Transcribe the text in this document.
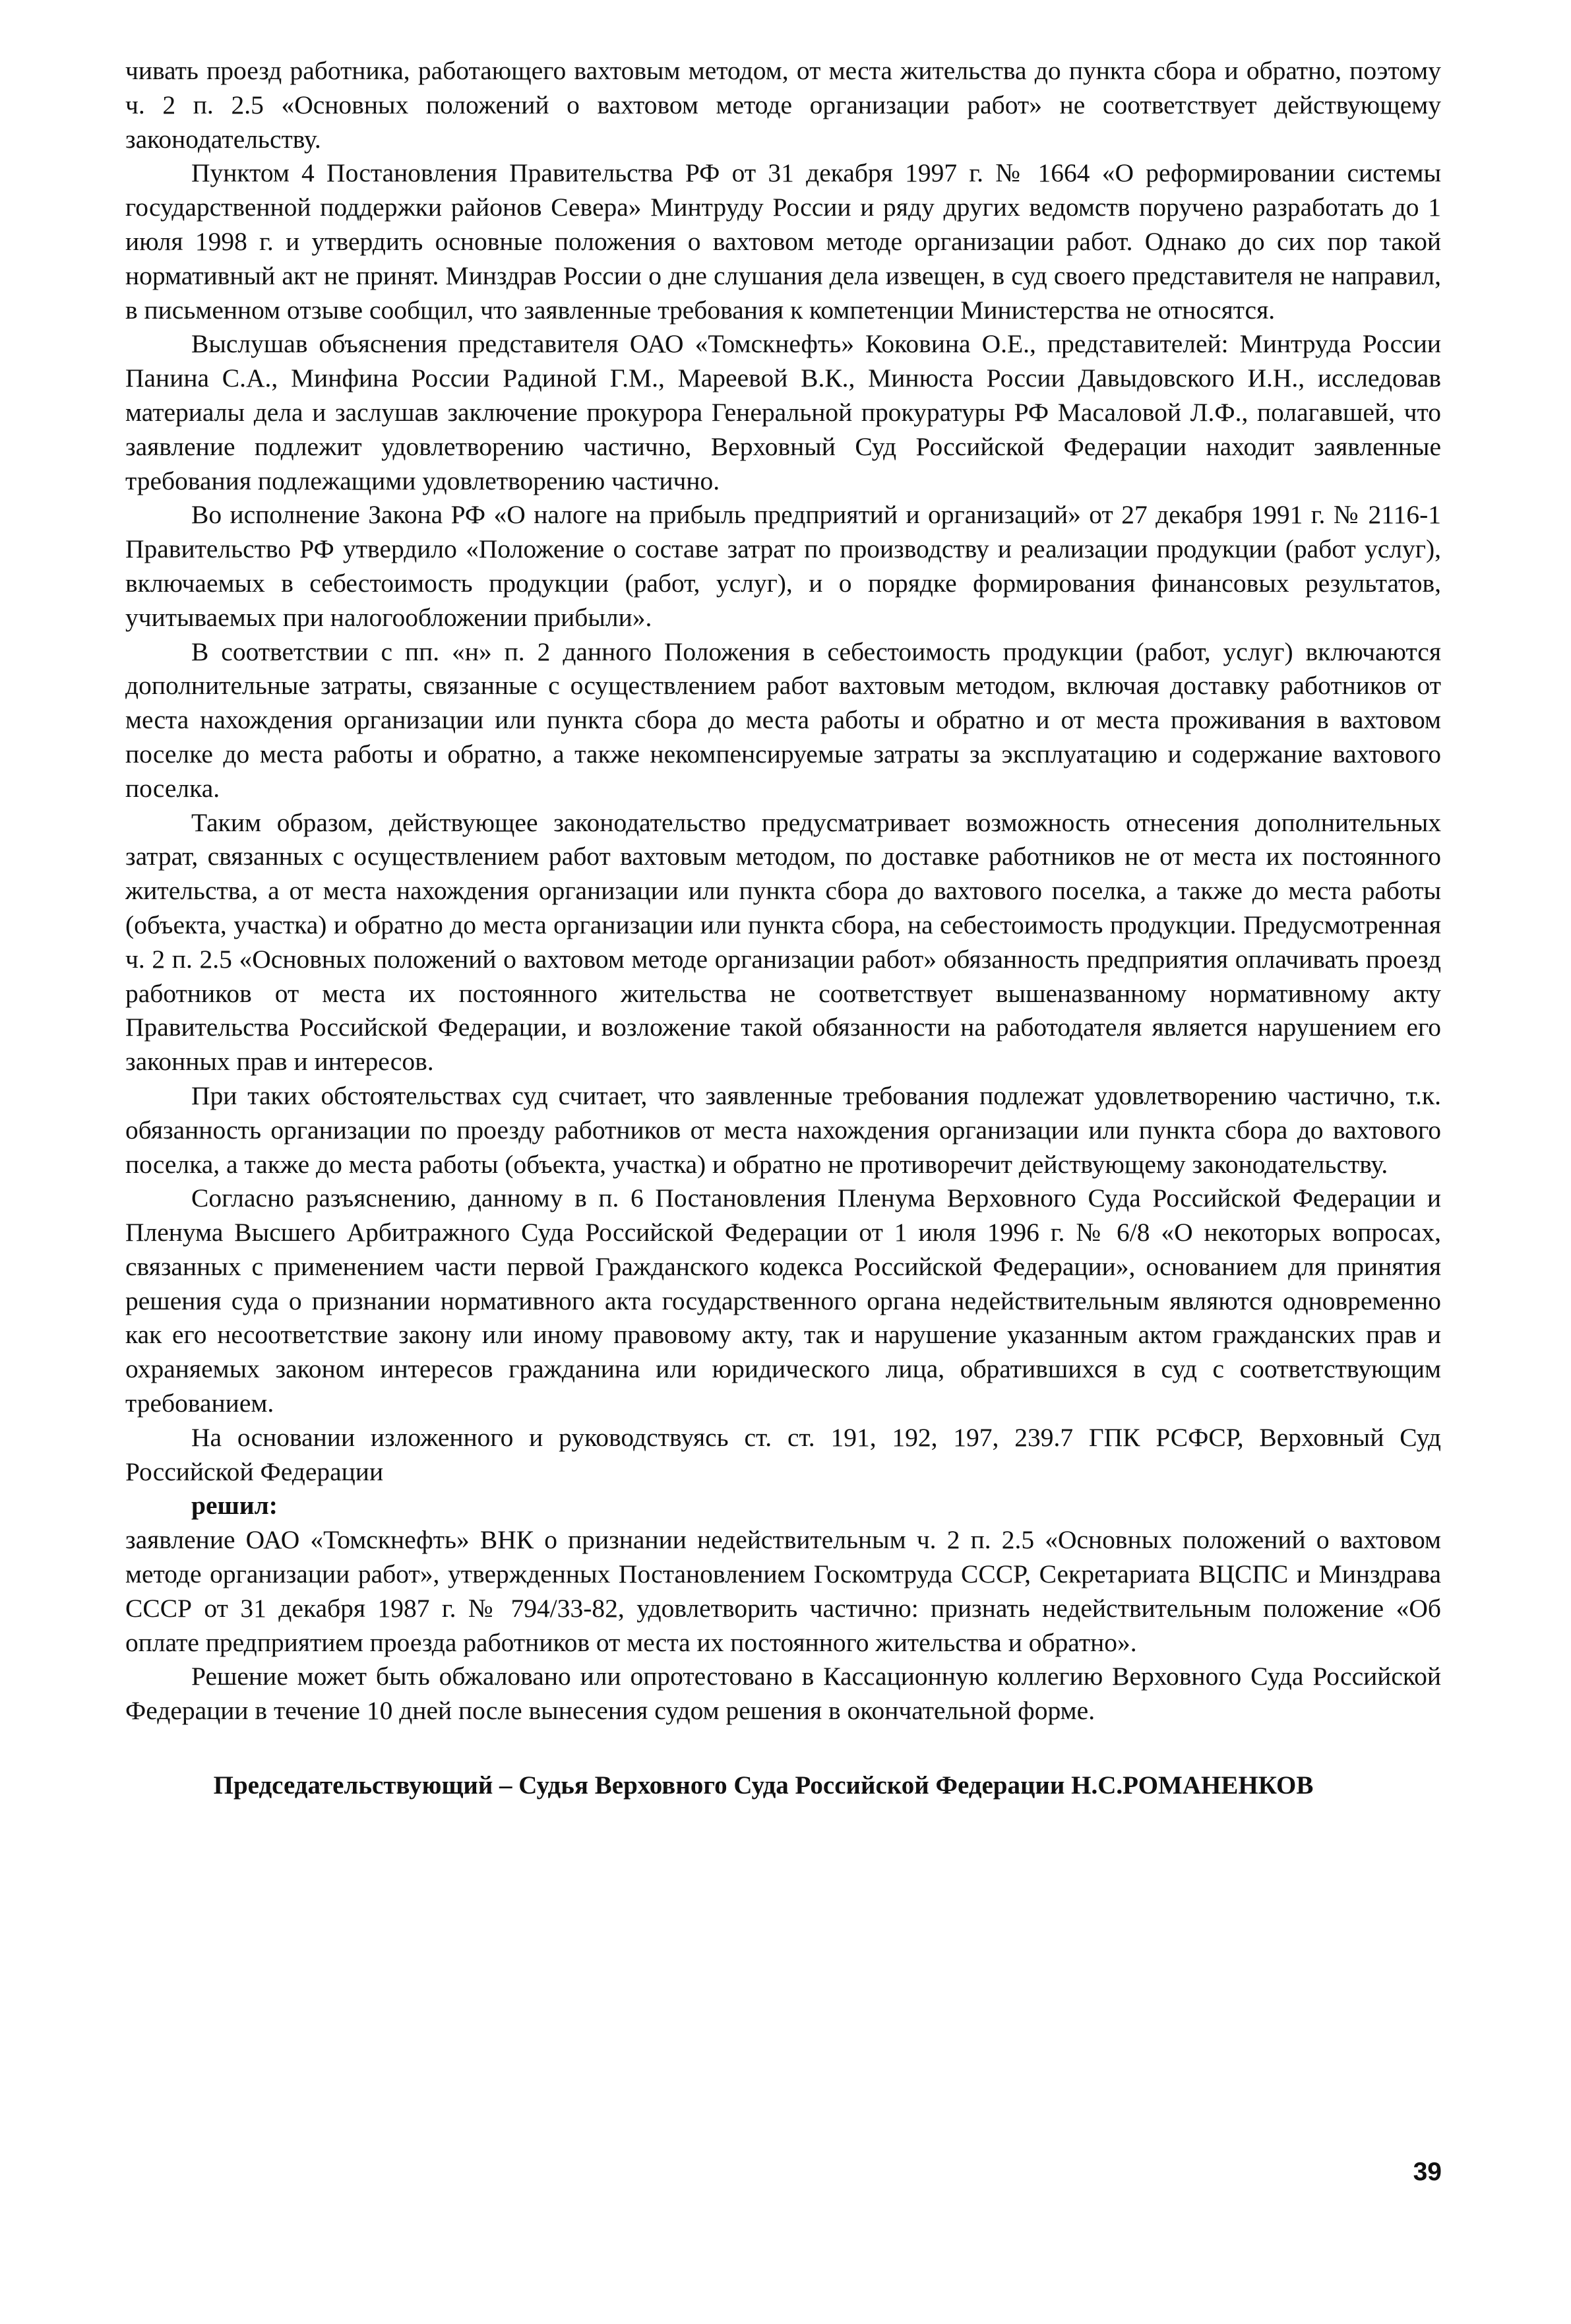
чивать проезд работника, работающего вахтовым методом, от места жительства до пункта сбора и обратно, поэтому ч. 2 п. 2.5 «Основных положений о вахтовом методе организации работ» не соответствует действующему законодательству.

Пунктом 4 Постановления Правительства РФ от 31 декабря 1997 г. № 1664 «О реформировании системы государственной поддержки районов Севера» Минтруду России и ряду других ведомств поручено разработать до 1 июля 1998 г. и утвердить основные положения о вахтовом методе организации работ. Однако до сих пор такой нормативный акт не принят. Минздрав России о дне слушания дела извещен, в суд своего представителя не направил, в письменном отзыве сообщил, что заявленные требования к компетенции Министерства не относятся.

Выслушав объяснения представителя ОАО «Томскнефть» Коковина О.Е., представителей: Минтруда России Панина С.А., Минфина России Радиной Г.М., Мареевой В.К., Минюста России Давыдовского И.Н., исследовав материалы дела и заслушав заключение прокурора Генеральной прокуратуры РФ Масаловой Л.Ф., полагавшей, что заявление подлежит удовлетворению частично, Верховный Суд Российской Федерации находит заявленные требования подлежащими удовлетворению частично.

Во исполнение Закона РФ «О налоге на прибыль предприятий и организаций» от 27 декабря 1991 г. № 2116-1 Правительство РФ утвердило «Положение о составе затрат по производству и реализации продукции (работ услуг), включаемых в себестоимость продукции (работ, услуг), и о порядке формирования финансовых результатов, учитываемых при налогообложении прибыли».

В соответствии с пп. «н» п. 2 данного Положения в себестоимость продукции (работ, услуг) включаются дополнительные затраты, связанные с осуществлением работ вахтовым методом, включая доставку работников от места нахождения организации или пункта сбора до места работы и обратно и от места проживания в вахтовом поселке до места работы и обратно, а также некомпенсируемые затраты за эксплуатацию и содержание вахтового поселка.

Таким образом, действующее законодательство предусматривает возможность отнесения дополнительных затрат, связанных с осуществлением работ вахтовым методом, по доставке работников не от места их постоянного жительства, а от места нахождения организации или пункта сбора до вахтового поселка, а также до места работы (объекта, участка) и обратно до места организации или пункта сбора, на себестоимость продукции. Предусмотренная ч. 2 п. 2.5 «Основных положений о вахтовом методе организации работ» обязанность предприятия оплачивать проезд работников от места их постоянного жительства не соответствует вышеназванному нормативному акту Правительства Российской Федерации, и возложение такой обязанности на работодателя является нарушением его законных прав и интересов.

При таких обстоятельствах суд считает, что заявленные требования подлежат удовлетворению частично, т.к. обязанность организации по проезду работников от места нахождения организации или пункта сбора до вахтового поселка, а также до места работы (объекта, участка) и обратно не противоречит действующему законодательству.

Согласно разъяснению, данному в п. 6 Постановления Пленума Верховного Суда Российской Федерации и Пленума Высшего Арбитражного Суда Российской Федерации от 1 июля 1996 г. № 6/8 «О некоторых вопросах, связанных с применением части первой Гражданского кодекса Российской Федерации», основанием для принятия решения суда о признании нормативного акта государственного органа недействительным являются одновременно как его несоответствие закону или иному правовому акту, так и нарушение указанным актом гражданских прав и охраняемых законом интересов гражданина или юридического лица, обратившихся в суд с соответствующим требованием.

На основании изложенного и руководствуясь ст. ст. 191, 192, 197, 239.7 ГПК РСФСР, Верховный Суд Российской Федерации

решил:

заявление ОАО «Томскнефть» ВНК о признании недействительным ч. 2 п. 2.5 «Основных положений о вахтовом методе организации работ», утвержденных Постановлением Госкомтруда СССР, Секретариата ВЦСПС и Минздрава СССР от 31 декабря 1987 г. № 794/33-82, удовлетворить частично: признать недействительным положение «Об оплате предприятием проезда работников от места их постоянного жительства и обратно».

Решение может быть обжаловано или опротестовано в Кассационную коллегию Верховного Суда Российской Федерации в течение 10 дней после вынесения судом решения в окончательной форме.

Председательствующий – Судья Верховного Суда Российской Федерации Н.С.РОМАНЕНКОВ

39
